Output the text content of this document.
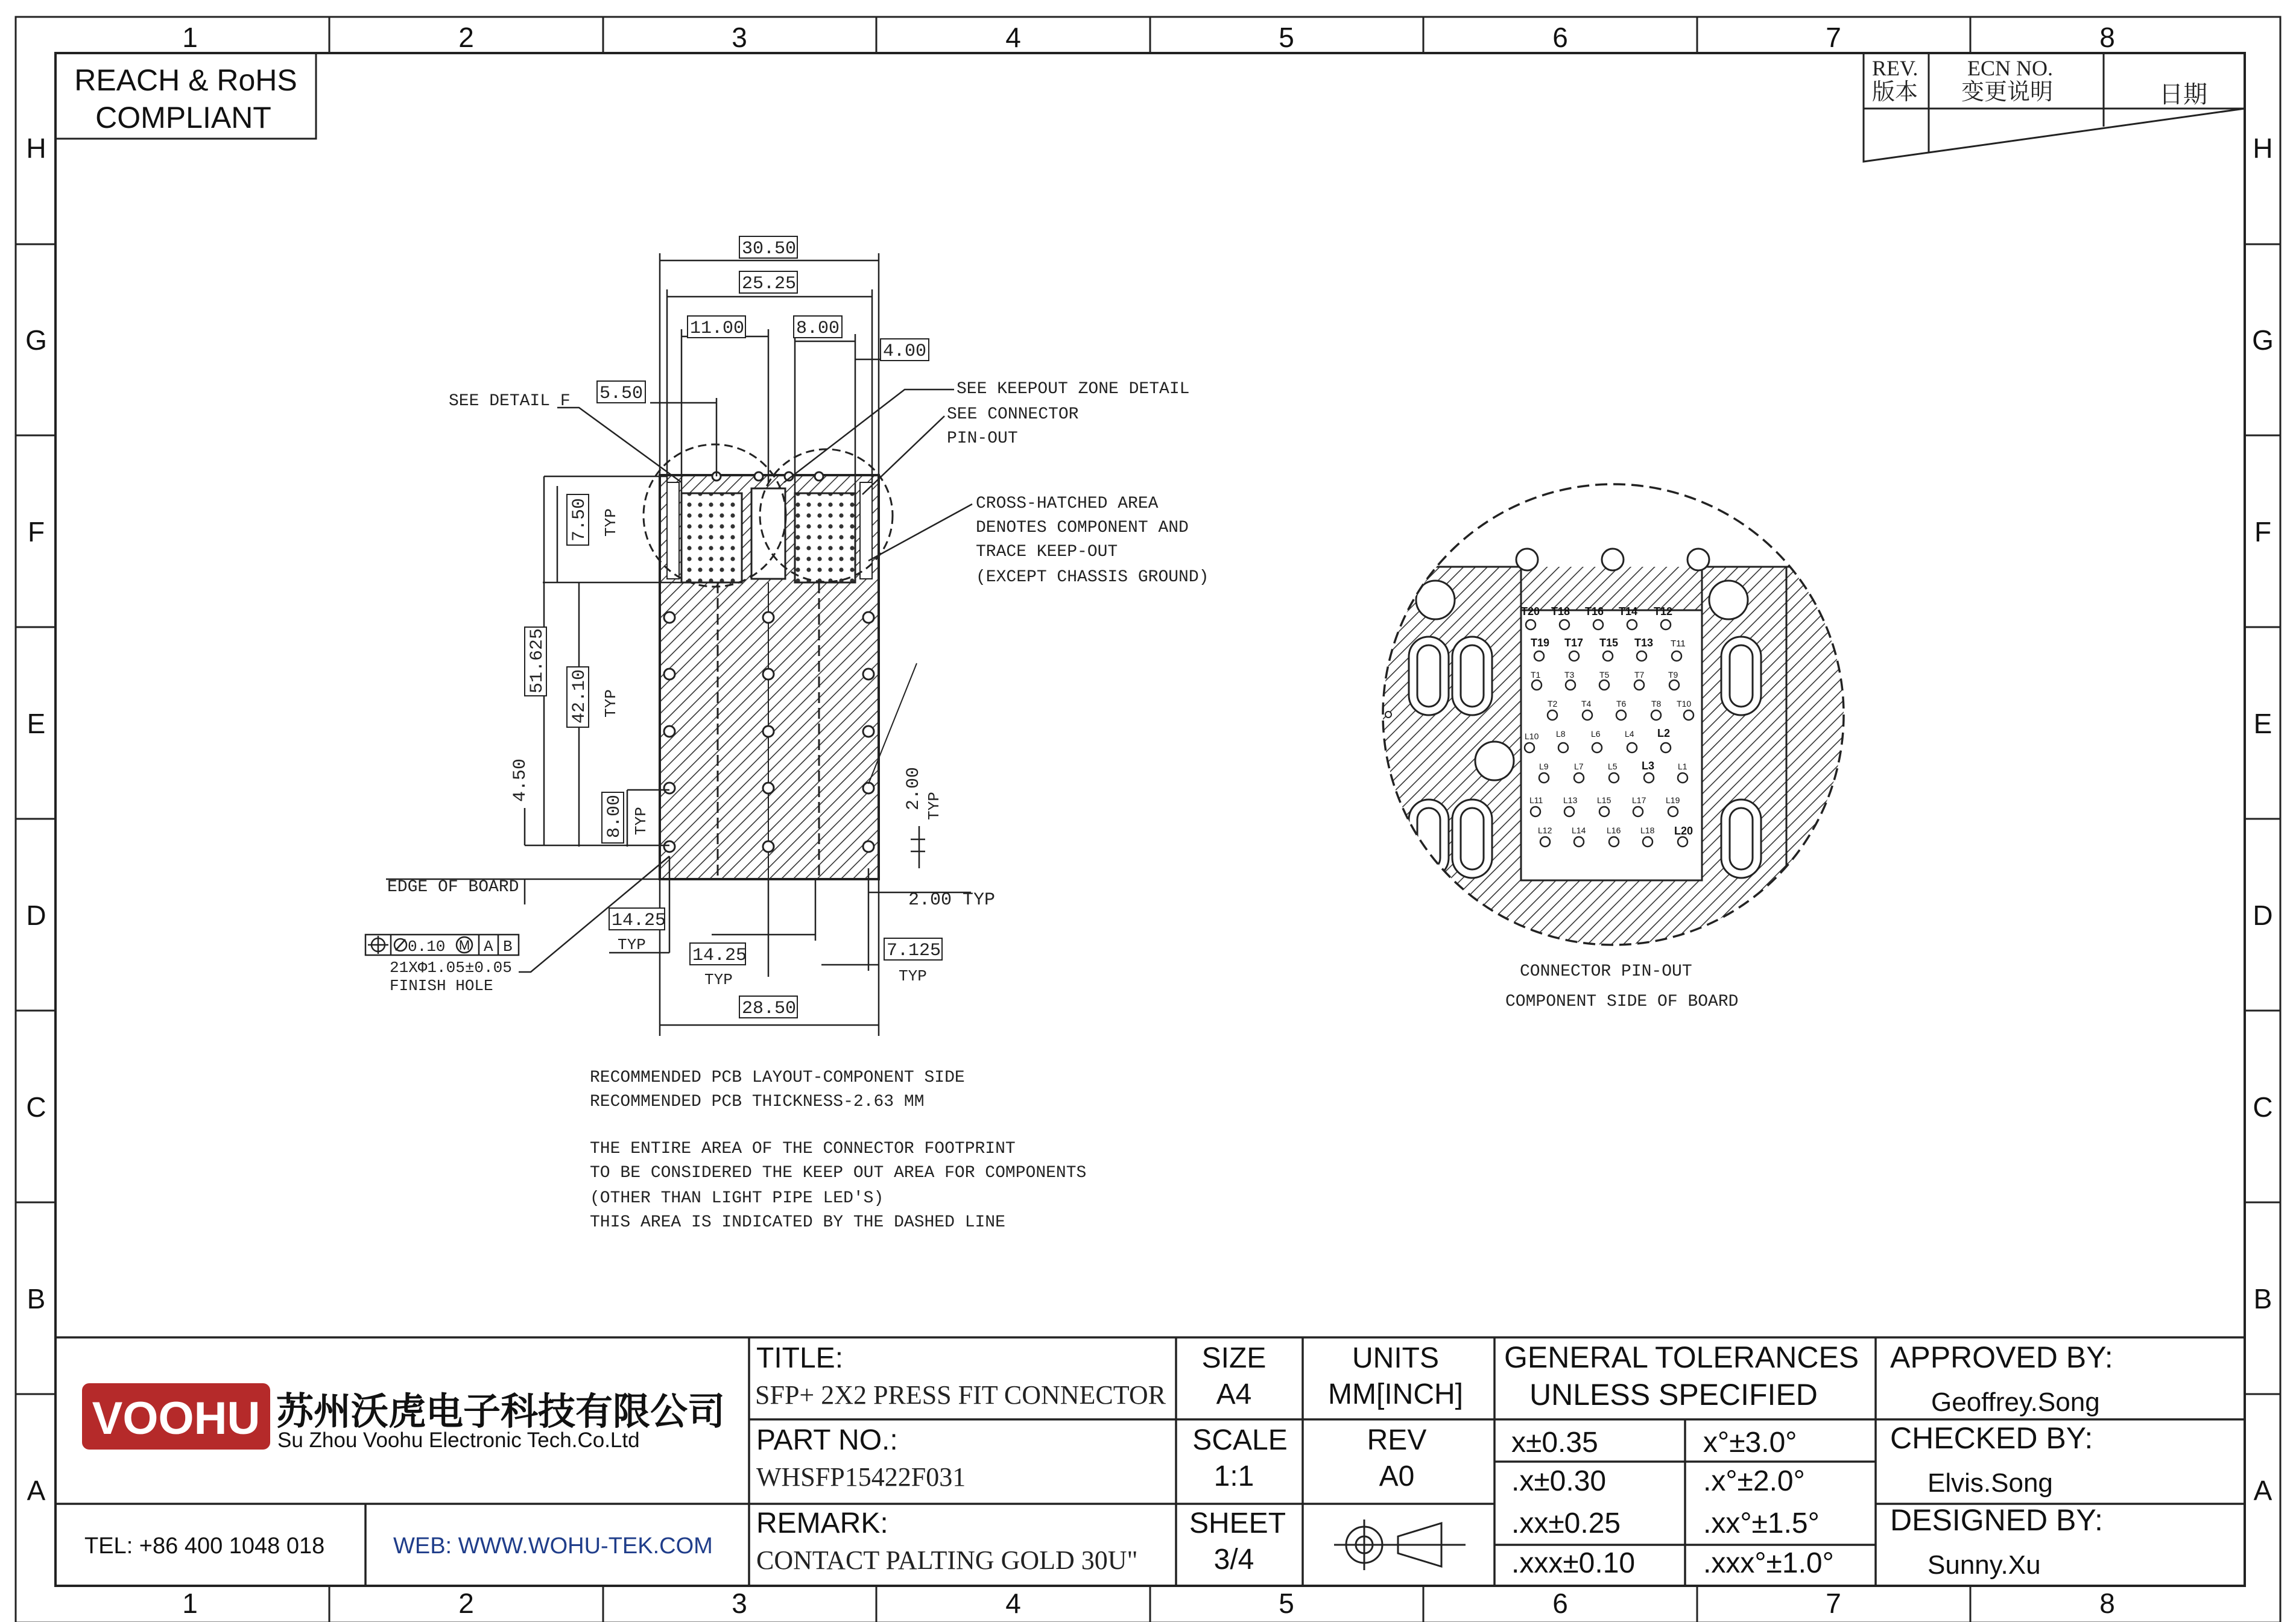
1	2	3	4	5	6	7	8
1	2	3	4	5	6	7	8
H
G
F
E
D
C
B
A
H
G
F
E
D
C
B
A
REACH & RoHS
COMPLIANT
REV.
版本
ECN NO.
变更说明	日期
30.50
25.25
11.00	8.00
4.00
5.50
SEE DETAIL F
SEE KEEPOUT ZONE DETAIL
SEE CONNECTOR
PIN-OUT
CROSS-HATCHED AREA
DENOTES COMPONENT AND
TRACE KEEP-OUT
(EXCEPT CHASSIS GROUND)
7.50 TYP
51.625
42.10 TYP
4.50
8.00 TYP
2.00 TYP
2.00 TYP
EDGE OF BOARD
14.25
TYP
14.25
TYP
7.125
TYP
28.50
0.10 M A B
21XΦ1.05±0.05
FINISH HOLE
RECOMMENDED PCB LAYOUT-COMPONENT SIDE
RECOMMENDED PCB THICKNESS-2.63 MM
THE ENTIRE AREA OF THE CONNECTOR FOOTPRINT
TO BE CONSIDERED THE KEEP OUT AREA FOR COMPONENTS
(OTHER THAN LIGHT PIPE LED'S)
THIS AREA IS INDICATED BY THE DASHED LINE
T20 T18 T16 T14 T12
T19 T17 T15 T13 T11
T1	T3	T5	T7	T9
T2	T4	T6	T8 T10
L10 L8	L6	L4 L2
L9	L7	L5 L3	L1
L11 L13 L15 L17 L19
L12 L14 L16 L18 L20
CONNECTOR PIN-OUT
COMPONENT SIDE OF BOARD
VOOHU 苏州沃虎电子科技有限公司
Su Zhou Voohu Electronic Tech.Co.Ltd
TEL: +86 400 1048 018	WEB: WWW.WOHU-TEK.COM
TITLE:
SFP+ 2X2 PRESS FIT CONNECTOR
PART NO.:
WHSFP15422F031
REMARK:
CONTACT PALTING GOLD 30U"
SIZE
A4
UNITS
MM[INCH]
SCALE
1:1
REV
A0
SHEET
3/4
GENERAL TOLERANCES
UNLESS SPECIFIED
x±0.35	x°±3.0°
.x±0.30	.x°±2.0°
.xx±0.25	.xx°±1.5°
.xxx±0.10 .xxx°±1.0°
APPROVED BY:
Geoffrey.Song
CHECKED BY:
Elvis.Song
DESIGNED BY:
Sunny.Xu
